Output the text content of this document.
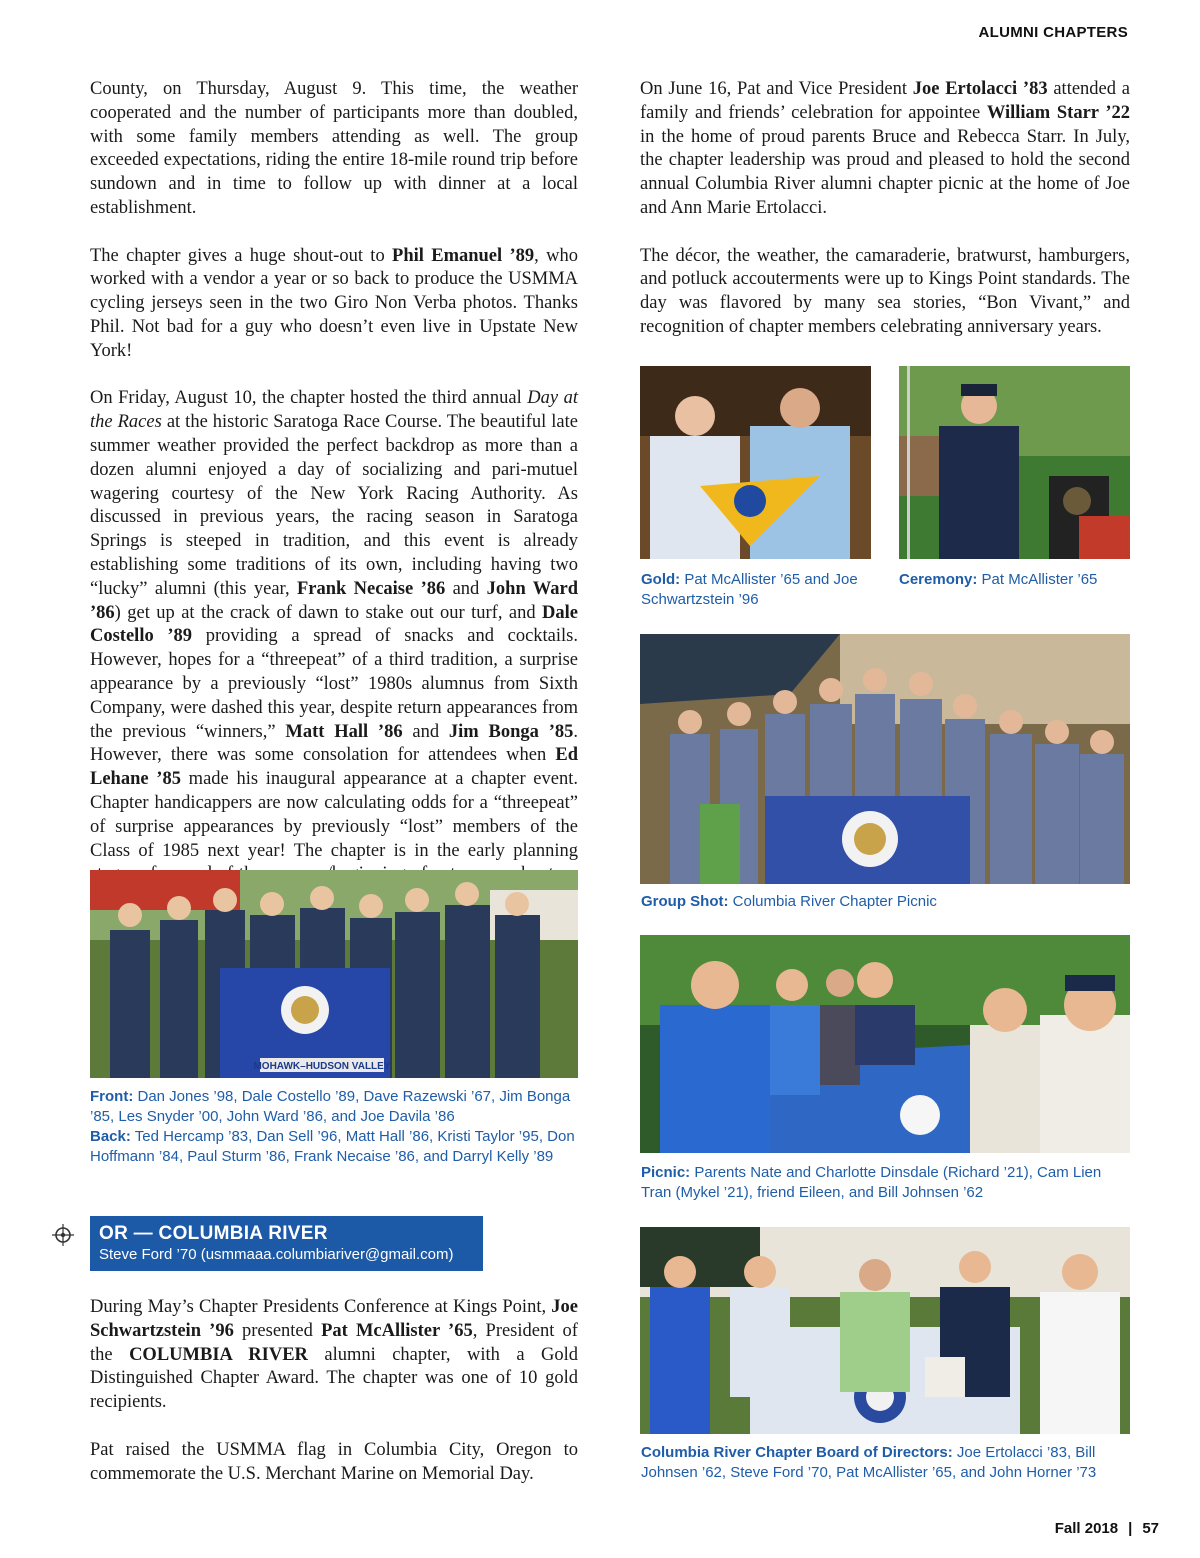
ALUMNI CHAPTERS

County, on Thursday, August 9. This time, the weather cooperated and the number of participants more than doubled, with some family members attending as well. The group exceeded expectations, riding the entire 18-mile round trip before sundown and in time to follow up with dinner at a local establishment.

The chapter gives a huge shout-out to Phil Emanuel ’89, who worked with a vendor a year or so back to produce the USMMA cycling jerseys seen in the two Giro Non Verba photos. Thanks Phil. Not bad for a guy who doesn’t even live in Upstate New York!

On Friday, August 10, the chapter hosted the third annual Day at the Races at the historic Saratoga Race Course. The beautiful late summer weather provided the perfect backdrop as more than a dozen alumni enjoyed a day of socializing and pari-mutuel wagering courtesy of the New York Racing Authority. As discussed in previous years, the racing season in Saratoga Springs is steeped in tradition, and this event is already establishing some traditions of its own, including having two “lucky” alumni (this year, Frank Necaise ’86 and John Ward ’86) get up at the crack of dawn to stake out our turf, and Dale Costello ’89 providing a spread of snacks and cocktails. However, hopes for a “threepeat” of a third tradition, a surprise appearance by a previously “lost” 1980s alumnus from Sixth Company, were dashed this year, despite return appearances from the previous “winners,” Matt Hall ’86 and Jim Bonga ’85. However, there was some consolation for attendees when Ed Lehane ’85 made his inaugural appearance at a chapter event. Chapter handicappers are now calculating odds for a “threepeat” of surprise appearances by previously “lost” members of the Class of 1985 next year! The chapter is in the early planning

MOHAWK–HUDSON VALLEY
Front: Dan Jones ’98, Dale Costello ’89, Dave Razewski ’67, Jim Bonga ’85, Les Snyder ’00, John Ward ’86, and Joe Davila ’86
Back: Ted Hercamp ’83, Dan Sell ’96, Matt Hall ’86, Kristi Taylor ’95, Don Hoffmann ’84, Paul Sturm ’86, Frank Necaise ’86, and Darryl Kelly ’89
OR — COLUMBIA RIVER
Steve Ford ’70 (usmmaaa.columbiariver@gmail.com)

During May’s Chapter Presidents Conference at Kings Point, Joe Schwartzstein ’96 presented Pat McAllister ’65, President of the COLUMBIA RIVER alumni chapter, with a Gold Distinguished Chapter Award. The chapter was one of 10 gold recipients.

Pat raised the USMMA flag in Columbia City, Oregon to commemorate the U.S. Merchant Marine on Memorial Day.

On June 16, Pat and Vice President Joe Ertolacci ’83 attended a family and friends’ celebration for appointee William Starr ’22 in the home of proud parents Bruce and Rebecca Starr. In July, the chapter leadership was proud and pleased to hold the second annual Columbia River alumni chapter picnic at the home of Joe and Ann Marie Ertolacci.

The décor, the weather, the camaraderie, bratwurst, hamburgers, and potluck accouterments were up to Kings Point standards. The day was flavored by many sea stories, “Bon Vivant,” and recognition of chapter members celebrating anniversary years.

Gold: Pat McAllister ’65 and Joe Schwartzstein ’96
Ceremony: Pat McAllister ’65
Group Shot: Columbia River Chapter Picnic
Picnic: Parents Nate and Charlotte Dinsdale (Richard ’21), Cam Lien Tran (Mykel ’21), friend Eileen, and Bill Johnsen ’62
Columbia River Chapter Board of Directors: Joe Ertolacci ’83, Bill Johnsen ’62, Steve Ford ’70, Pat McAllister ’65, and John Horner ’73
Fall 2018 | 57
